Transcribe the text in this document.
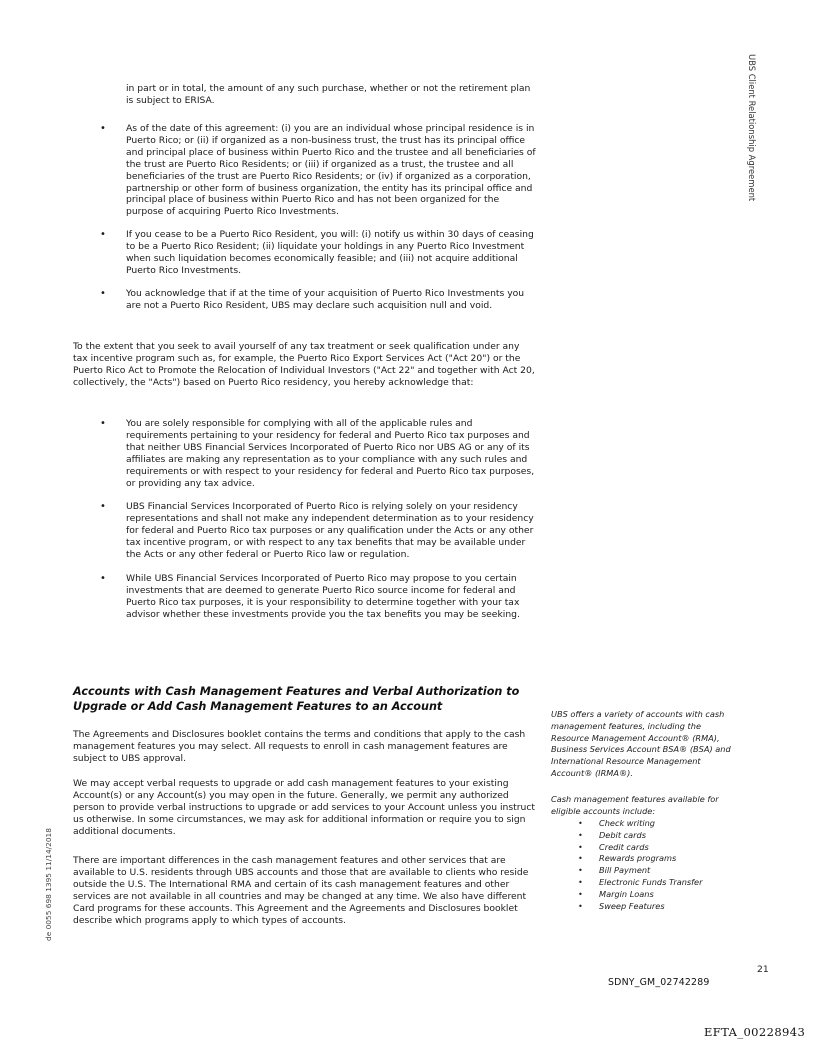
UBS Client Relationship Agreement
de 0055 698 1395 11/14/2018

in part or in total, the amount of any such purchase, whether or not the retirement plan is subject to ERISA.

• As of the date of this agreement: (i) you are an individual whose principal residence is in Puerto Rico; or (ii) if organized as a non-business trust, the trust has its principal office and principal place of business within Puerto Rico and the trustee and all beneficiaries of the trust are Puerto Rico Residents; or (iii) if organized as a trust, the trustee and all beneficiaries of the trust are Puerto Rico Residents; or (iv) if organized as a corporation, partnership or other form of business organization, the entity has its principal office and principal place of business within Puerto Rico and has not been organized for the purpose of acquiring Puerto Rico Investments.
• If you cease to be a Puerto Rico Resident, you will: (i) notify us within 30 days of ceasing to be a Puerto Rico Resident; (ii) liquidate your holdings in any Puerto Rico Investment when such liquidation becomes economically feasible; and (iii) not acquire additional Puerto Rico Investments.
• You acknowledge that if at the time of your acquisition of Puerto Rico Investments you are not a Puerto Rico Resident, UBS may declare such acquisition null and void.

To the extent that you seek to avail yourself of any tax treatment or seek qualification under any tax incentive program such as, for example, the Puerto Rico Export Services Act ("Act 20") or the Puerto Rico Act to Promote the Relocation of Individual Investors ("Act 22" and together with Act 20, collectively, the "Acts") based on Puerto Rico residency, you hereby acknowledge that:

• You are solely responsible for complying with all of the applicable rules and requirements pertaining to your residency for federal and Puerto Rico tax purposes and that neither UBS Financial Services Incorporated of Puerto Rico nor UBS AG or any of its affiliates are making any representation as to your compliance with any such rules and requirements or with respect to your residency for federal and Puerto Rico tax purposes, or providing any tax advice.
• UBS Financial Services Incorporated of Puerto Rico is relying solely on your residency representations and shall not make any independent determination as to your residency for federal and Puerto Rico tax purposes or any qualification under the Acts or any other tax incentive program, or with respect to any tax benefits that may be available under the Acts or any other federal or Puerto Rico law or regulation.
• While UBS Financial Services Incorporated of Puerto Rico may propose to you certain investments that are deemed to generate Puerto Rico source income for federal and Puerto Rico tax purposes, it is your responsibility to determine together with your tax advisor whether these investments provide you the tax benefits you may be seeking.
Accounts with Cash Management Features and Verbal Authorization to Upgrade or Add Cash Management Features to an Account

The Agreements and Disclosures booklet contains the terms and conditions that apply to the cash management features you may select. All requests to enroll in cash management features are subject to UBS approval.

We may accept verbal requests to upgrade or add cash management features to your existing Account(s) or any Account(s) you may open in the future. Generally, we permit any authorized person to provide verbal instructions to upgrade or add services to your Account unless you instruct us otherwise. In some circumstances, we may ask for additional information or require you to sign additional documents.

There are important differences in the cash management features and other services that are available to U.S. residents through UBS accounts and those that are available to clients who reside outside the U.S. The International RMA and certain of its cash management features and other services are not available in all countries and may be changed at any time. We also have different Card programs for these accounts. This Agreement and the Agreements and Disclosures booklet describe which programs apply to which types of accounts.

UBS offers a variety of accounts with cash management features, including the Resource Management Account® (RMA), Business Services Account BSA® (BSA) and International Resource Management Account® (IRMA®).
Cash management features available for eligible accounts include:
• Check writing
• Debit cards
• Credit cards
• Rewards programs
• Bill Payment
• Electronic Funds Transfer
• Margin Loans
• Sweep Features
21
SDNY_GM_02742289
EFTA_00228943
